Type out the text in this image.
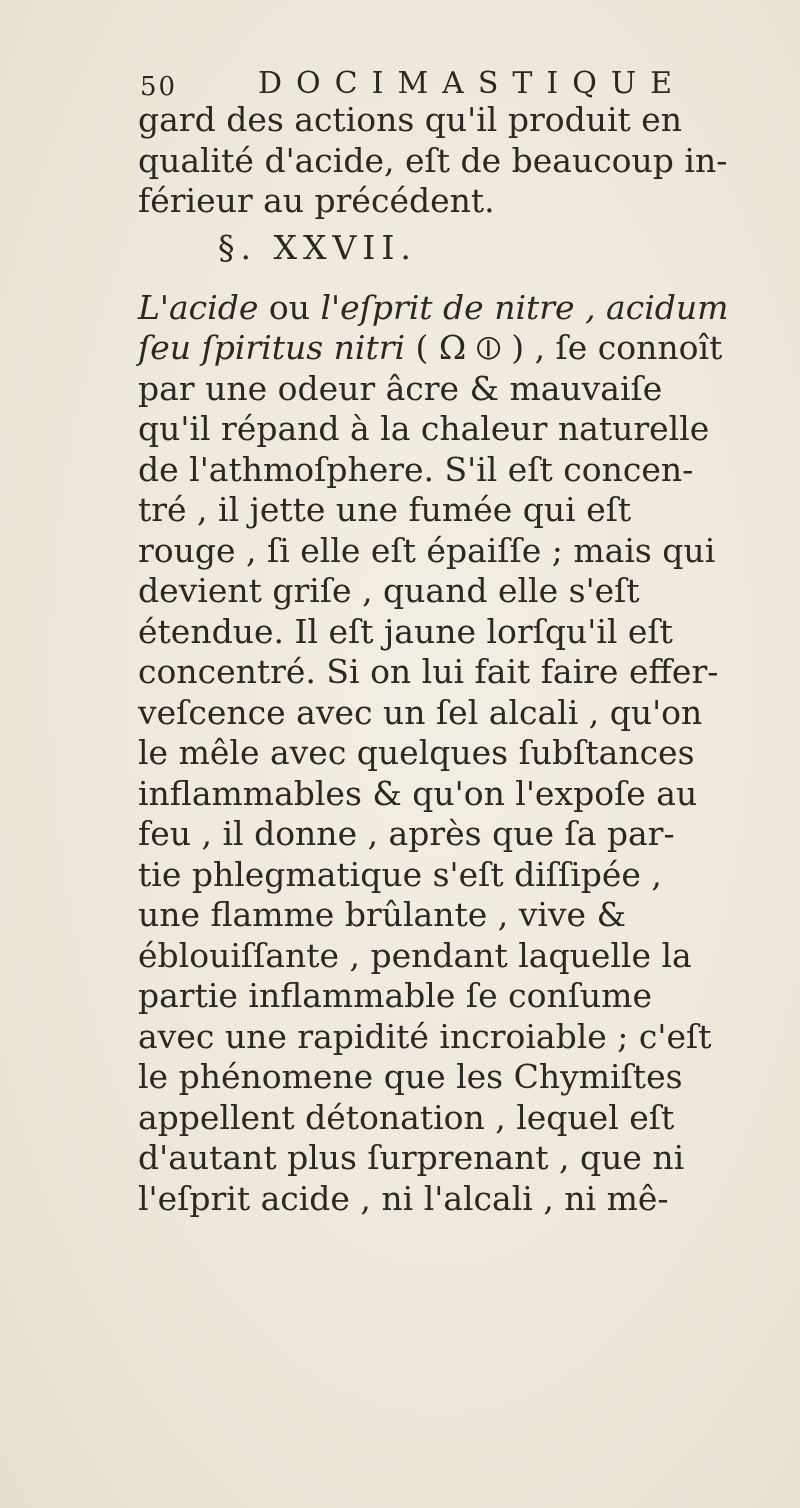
50	DOCIMASTIQUE
gard des actions qu'il produit en
qualité d'acide, eſt de beaucoup in-
férieur au précédent.
§. XXVII.
L'acide ou l'eſprit de nitre , acidum
ſeu ſpiritus nitri ( Ω ⦶ ) , ſe connoît
par une odeur âcre & mauvaiſe
qu'il répand à la chaleur naturelle
de l'athmoſphere. S'il eſt concen-
tré , il jette une fumée qui eſt
rouge , ſi elle eſt épaiſſe ; mais qui
devient griſe , quand elle s'eſt
étendue. Il eſt jaune lorſqu'il eſt
concentré. Si on lui fait faire effer-
veſcence avec un ſel alcali , qu'on
le mêle avec quelques ſubſtances
inflammables & qu'on l'expoſe au
feu , il donne , après que ſa par-
tie phlegmatique s'eſt diſſipée ,
une flamme brûlante , vive &
éblouiſſante , pendant laquelle la
partie inflammable ſe conſume
avec une rapidité incroiable ; c'eſt
le phénomene que les Chymiſtes
appellent détonation , lequel eſt
d'autant plus ſurprenant , que ni
l'eſprit acide , ni l'alcali , ni mê-
